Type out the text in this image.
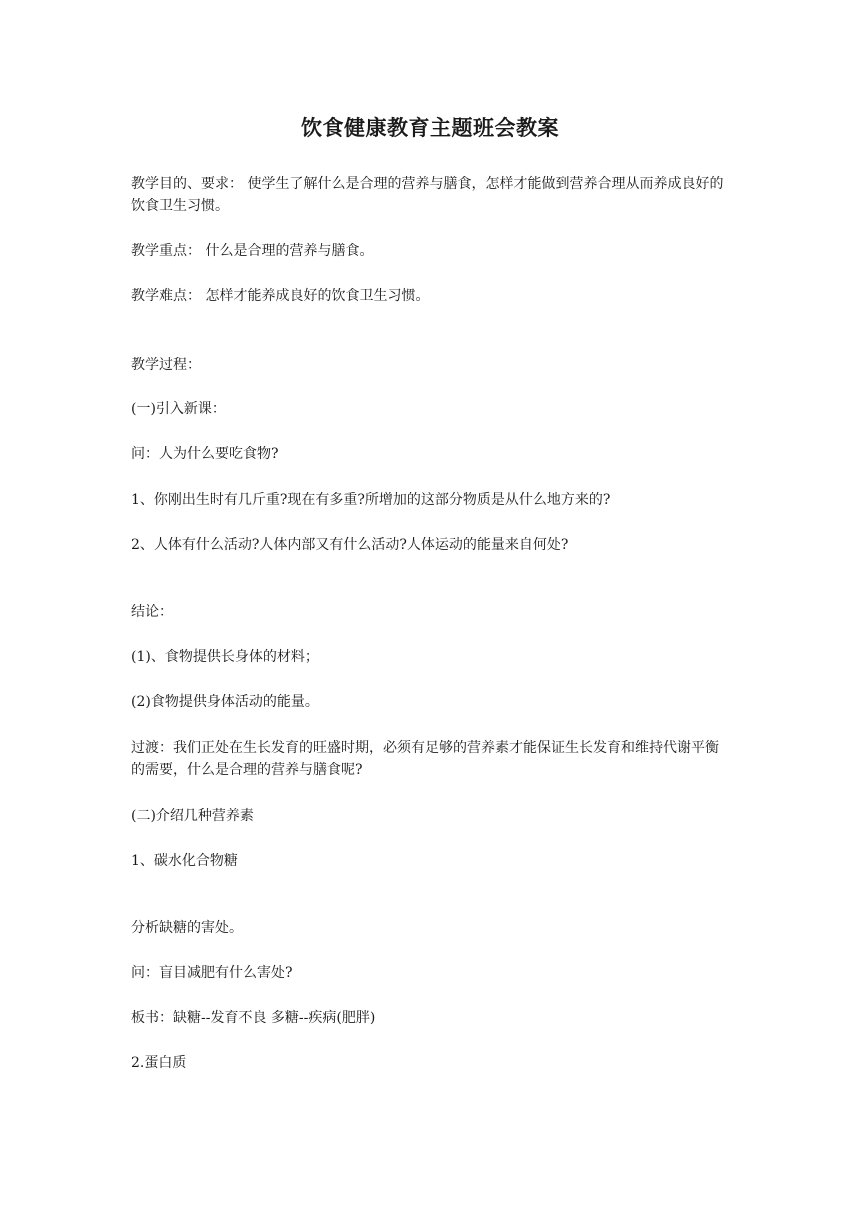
饮食健康教育主题班会教案

教学目的、要求： 使学生了解什么是合理的营养与膳食，怎样才能做到营养合理从而养成良好的饮食卫生习惯。

教学重点： 什么是合理的营养与膳食。

教学难点： 怎样才能养成良好的饮食卫生习惯。

教学过程：

(一)引入新课：

问：人为什么要吃食物?

1、你刚出生时有几斤重?现在有多重?所增加的这部分物质是从什么地方来的?

2、人体有什么活动?人体内部又有什么活动?人体运动的能量来自何处?

结论：

(1)、食物提供长身体的材料；

(2)食物提供身体活动的能量。

过渡：我们正处在生长发育的旺盛时期，必须有足够的营养素才能保证生长发育和维持代谢平衡的需要，什么是合理的营养与膳食呢?

(二)介绍几种营养素

1、碳水化合物糖

分析缺糖的害处。

问：盲目减肥有什么害处?

板书：缺糖--发育不良 多糖--疾病(肥胖)

2.蛋白质
